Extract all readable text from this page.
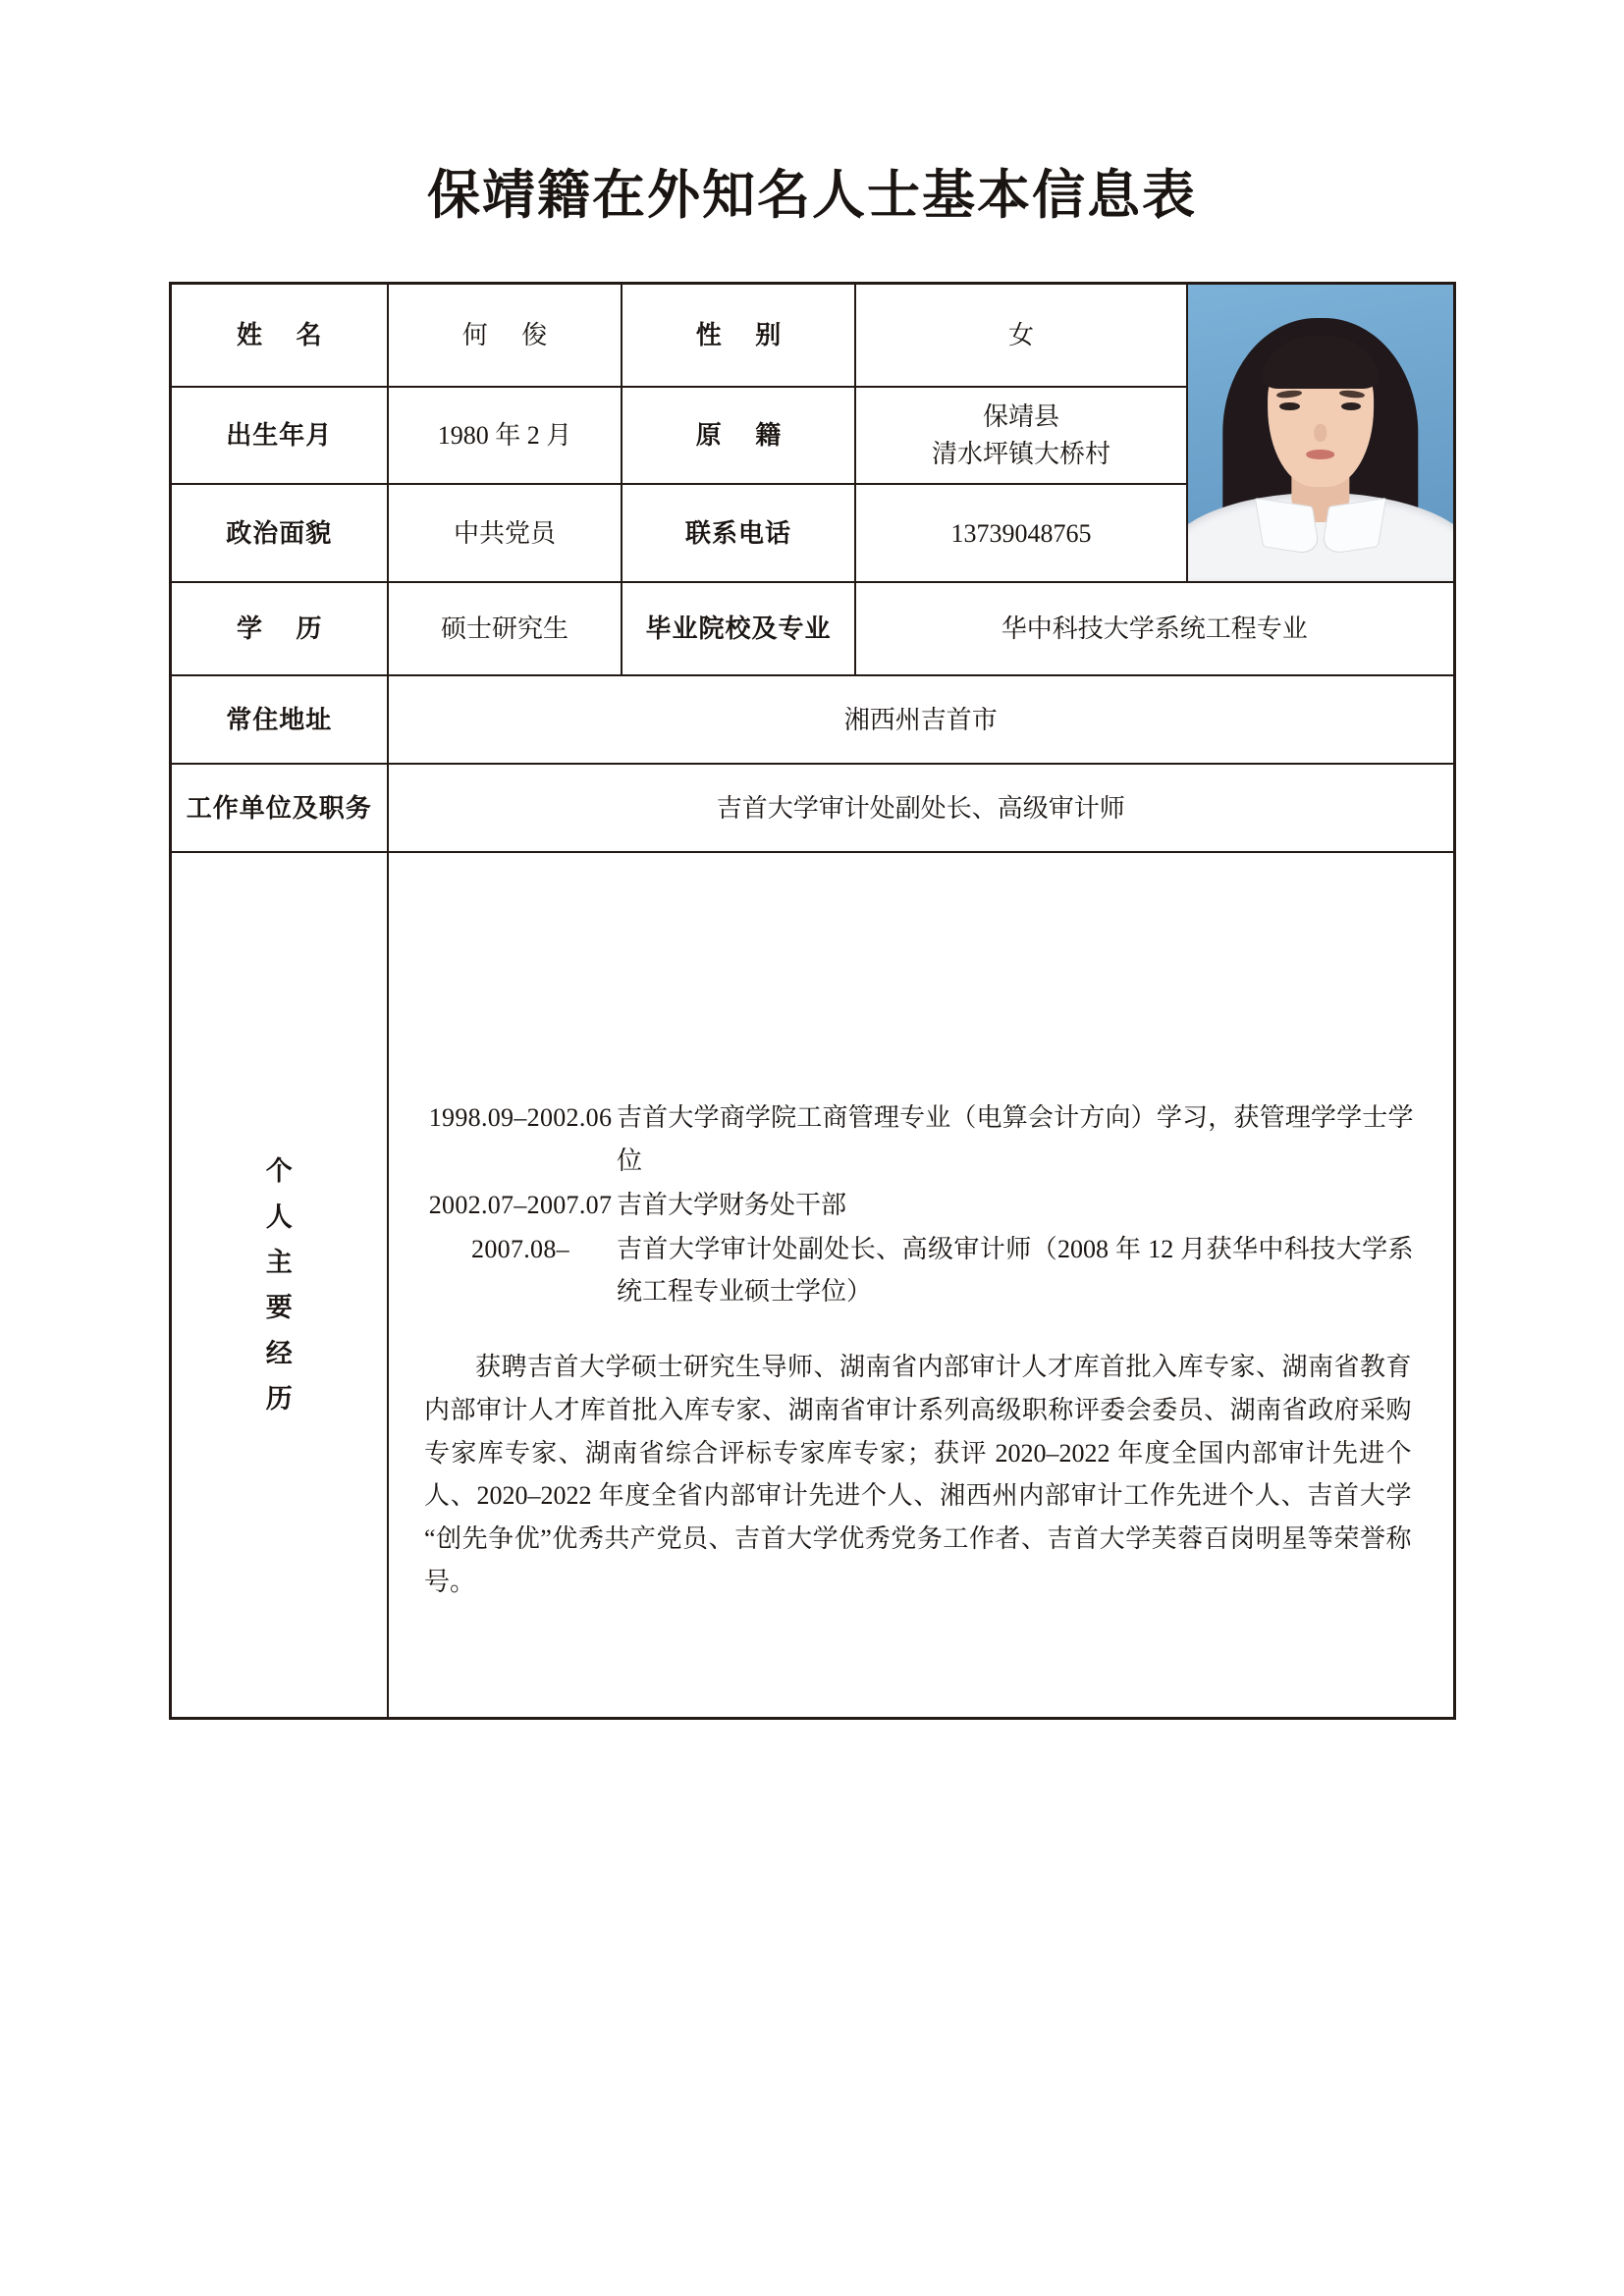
保靖籍在外知名人士基本信息表
姓 名	何 俊	性 别	女	

出生年月	1980 年 2 月	原 籍	保靖县
清水坪镇大桥村	

政治面貌	中共党员	联系电话	13739048765	
学 历	硕士研究生	毕业院校及专业	华中科技大学系统工程专业	
常住地址	湘西州吉首市			
工作单位及职务	吉首大学审计处副处长、高级审计师			

个
人
主
要
经
历

1998.09–2002.06 吉首大学商学院工商管理专业（电算会计方向）学习，获管理学学士学位
2002.07–2007.07 吉首大学财务处干部
2007.08–	吉首大学审计处副处长、高级审计师（2008 年 12 月获华中科技大学系统工程专业硕士学位）
获聘吉首大学硕士研究生导师、湖南省内部审计人才库首批入库专家、湖南省教育内部审计人才库首批入库专家、湖南省审计系列高级职称评委会委员、湖南省政府采购专家库专家、湖南省综合评标专家库专家；获评 2020–2022 年度全国内部审计先进个人、2020–2022 年度全省内部审计先进个人、湘西州内部审计工作先进个人、吉首大学“创先争优”优秀共产党员、吉首大学优秀党务工作者、吉首大学芙蓉百岗明星等荣誉称号。
